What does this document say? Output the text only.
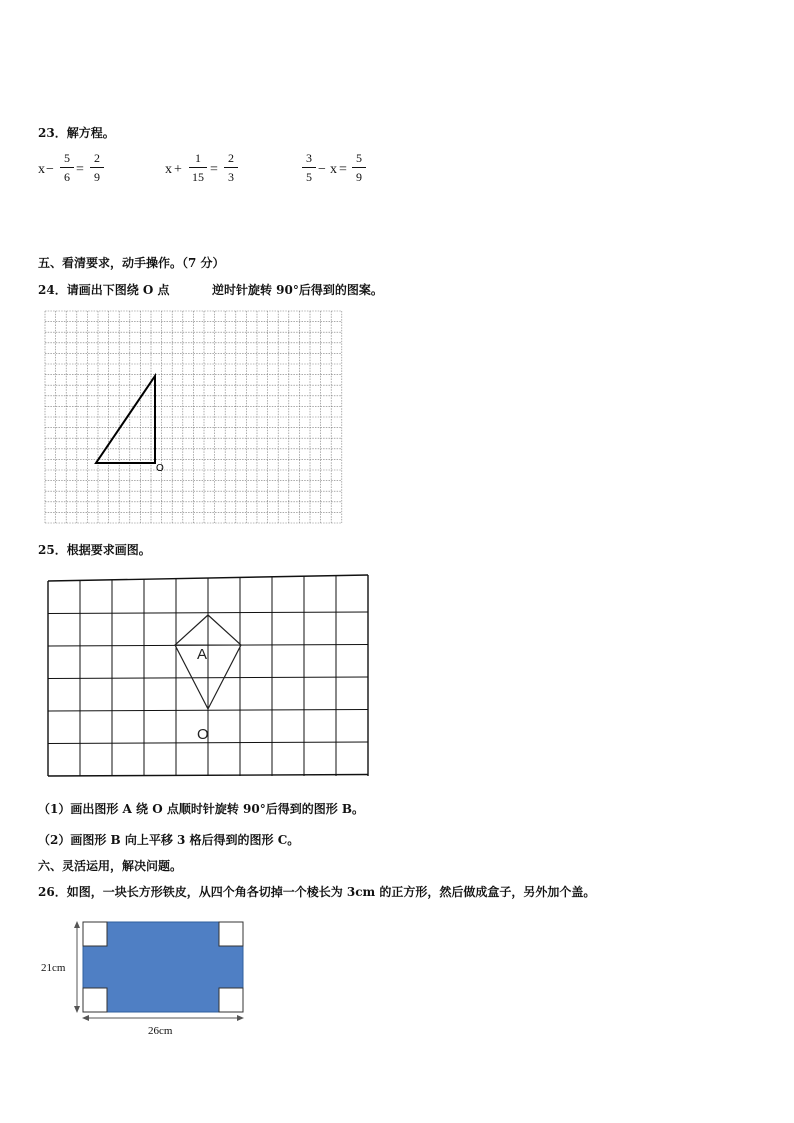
23．解方程。
x −
5
6 =
2
9	x +
1
15 =
2
3
3
5 − x =
5
9
五、看清要求，动手操作。（7 分）
24．请画出下图绕 O 点	逆时针旋转 90°后得到的图案。
O
25．根据要求画图。
A
O
（1）画出图形 A 绕 O 点顺时针旋转 90°后得到的图形 B。
（2）画图形 B 向上平移 3 格后得到的图形 C。
六、灵活运用，解决问题。
26．如图，一块长方形铁皮，从四个角各切掉一个棱长为 3cm 的正方形，然后做成盒子，另外加个盖。
21cm
26cm
